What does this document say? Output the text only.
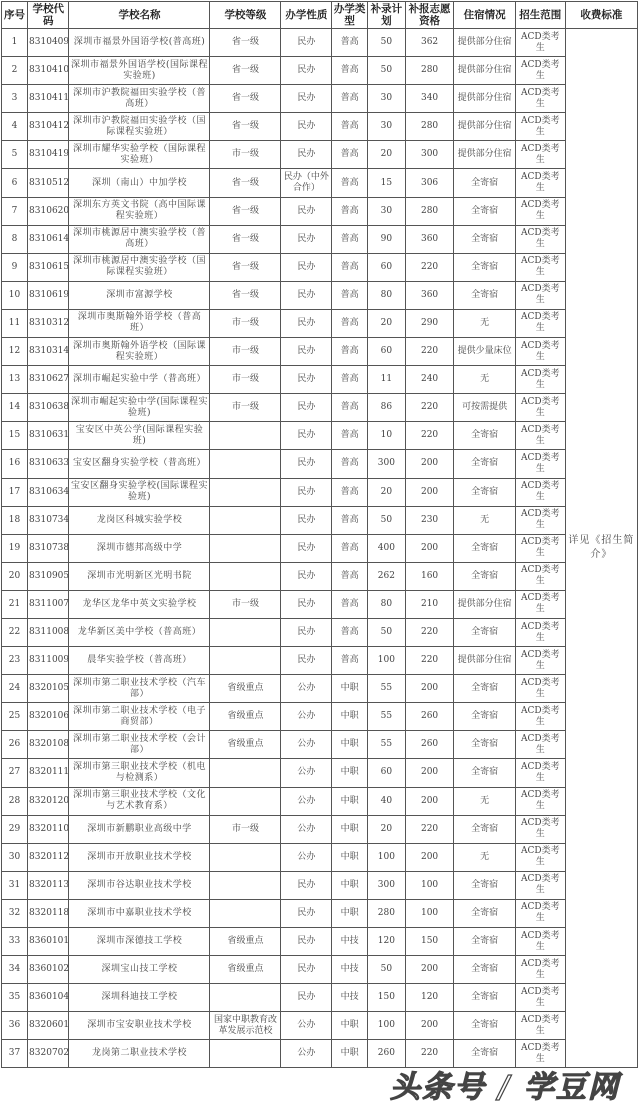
序号	学校代码	学校名称	学校等级	办学性质	办学类型	补录计划	补报志愿资格	住宿情况	招生范围	收费标准
1	8310409	深圳市福景外国语学校(普高班)	省一级	民办	普高	50	362	提供部分住宿	ACD类考生	详见《招生简介》
2	8310410	深圳市福景外国语学校(国际课程实验班)	省一级	民办	普高	50	280	提供部分住宿	ACD类考生	
3	8310411	深圳市沪教院福田实验学校（普高班）	省一级	民办	普高	30	340	提供部分住宿	ACD类考生	
4	8310412	深圳市沪教院福田实验学校（国际课程实验班）	省一级	民办	普高	30	280	提供部分住宿	ACD类考生	
5	8310419	深圳市耀华实验学校（国际课程实验班）	市一级	民办	普高	20	300	提供部分住宿	ACD类考生	
6	8310512	深圳（南山）中加学校	省一级	民办（中外合作）	普高	15	306	全寄宿	ACD类考生	
7	8310620	深圳东方英文书院（高中国际课程实验班）	省一级	民办	普高	30	280	全寄宿	ACD类考生	
8	8310614	深圳市桃源居中澳实验学校（普高班）	省一级	民办	普高	90	360	全寄宿	ACD类考生	
9	8310615	深圳市桃源居中澳实验学校（国际课程实验班）	省一级	民办	普高	60	220	全寄宿	ACD类考生	
10	8310619	深圳市富源学校	省一级	民办	普高	80	360	全寄宿	ACD类考生	
11	8310312	深圳市奥斯翰外语学校（普高班）	市一级	民办	普高	20	290	无	ACD类考生	
12	8310314	深圳市奥斯翰外语学校（国际课程实验班）	市一级	民办	普高	60	220	提供少量床位	ACD类考生	
13	8310627	深圳市崛起实验中学（普高班）	市一级	民办	普高	11	240	无	ACD类考生	
14	8310638	深圳市崛起实验中学(国际课程实验班)	市一级	民办	普高	86	220	可按需提供	ACD类考生	
15	8310631	宝安区中英公学(国际课程实验班)		民办	普高	10	220	全寄宿	ACD类考生	
16	8310633	宝安区翻身实验学校（普高班）		民办	普高	300	200	全寄宿	ACD类考生	
17	8310634	宝安区翻身实验学校(国际课程实验班)		民办	普高	20	200	全寄宿	ACD类考生	
18	8310734	龙岗区科城实验学校		民办	普高	50	230	无	ACD类考生	
19	8310738	深圳市德邦高级中学		民办	普高	400	200	全寄宿	ACD类考生	
20	8310905	深圳市光明新区光明书院		民办	普高	262	160	全寄宿	ACD类考生	
21	8311007	龙华区龙华中英文实验学校	市一级	民办	普高	80	210	提供部分住宿	ACD类考生	
22	8311008	龙华新区美中学校（普高班）		民办	普高	50	220	全寄宿	ACD类考生	
23	8311009	晨华实验学校（普高班）		民办	普高	100	220	提供部分住宿	ACD类考生	
24	8320105	深圳市第二职业技术学校（汽车部）	省级重点	公办	中职	55	200	全寄宿	ACD类考生	
25	8320106	深圳市第二职业技术学校（电子商贸部）	省级重点	公办	中职	55	260	全寄宿	ACD类考生	
26	8320108	深圳市第二职业技术学校（会计部）	省级重点	公办	中职	55	260	全寄宿	ACD类考生	
27	8320111	深圳市第三职业技术学校（机电与检测系）		公办	中职	60	200	全寄宿	ACD类考生	
28	8320120	深圳市第三职业技术学校（文化与艺术教育系）		公办	中职	40	200	无	ACD类考生	
29	8320110	深圳市新鹏职业高级中学	市一级	公办	中职	20	220	全寄宿	ACD类考生	
30	8320112	深圳市开放职业技术学校		公办	中职	100	200	无	ACD类考生	
31	8320113	深圳市谷达职业技术学校		民办	中职	300	100	全寄宿	ACD类考生	
32	8320118	深圳市中嘉职业技术学校		民办	中职	280	100	全寄宿	ACD类考生	
33	8360101	深圳市深德技工学校	省级重点	民办	中技	120	150	全寄宿	ACD类考生	
34	8360102	深圳宝山技工学校	省级重点	民办	中技	50	200	全寄宿	ACD类考生	
35	8360104	深圳科迪技工学校		民办	中技	150	120	全寄宿	ACD类考生	
36	8320601	深圳市宝安职业技术学校	国家中职教育改革发展示范校	公办	中职	100	200	全寄宿	ACD类考生	
37	8320702	龙岗第二职业技术学校		公办	中职	260	220	全寄宿	ACD类考生	
头条号 / 学豆网
